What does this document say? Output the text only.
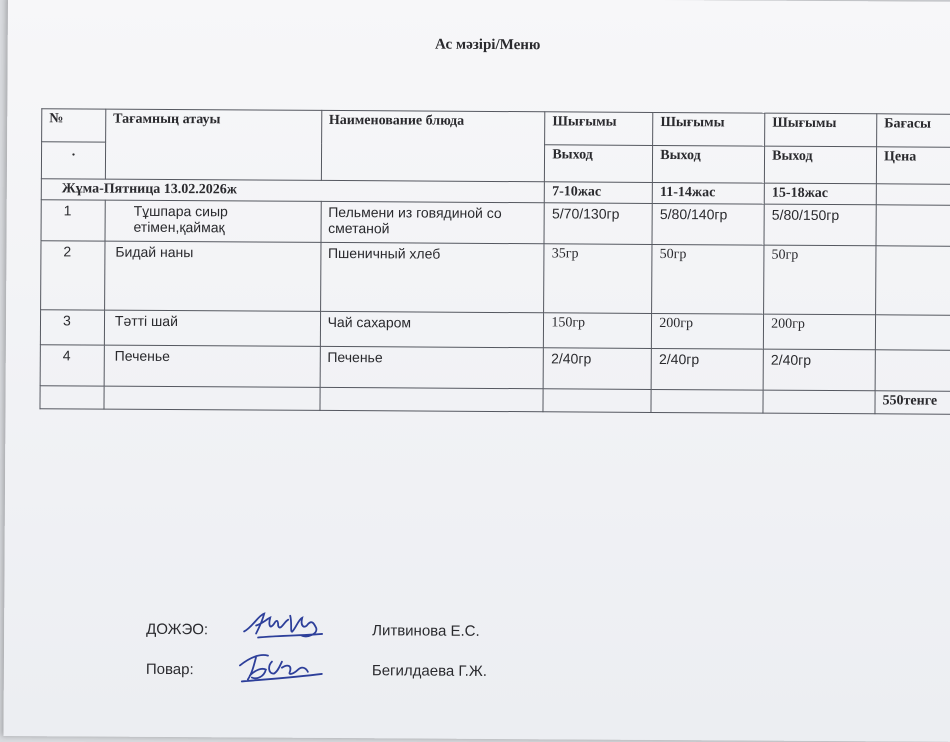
Ас мәзірі/Меню
№	Тағамның атауы	Наименование блюда	Шығымы	Шығымы	Шығымы	Бағасы
.			Выход	Выход	Выход	Цена
Жұма-Пятница 13.02.2026ж			7-10жас	11-14жас	15-18жас	
1	Тұшпара сиыр етімен,қаймақ	Пельмени из говядиной со сметаной	5/70/130гр	5/80/140гр	5/80/150гр	
2	Бидай наны	Пшеничный хлеб	35гр	50гр	50гр	
3	Тәтті шай	Чай сахаром	150гр	200гр	200гр	
4	Печенье	Печенье	2/40гр	2/40гр	2/40гр	
						550тенге
ДОЖЭО:	Литвинова Е.С.
Повар:	Бегилдаева Г.Ж.
